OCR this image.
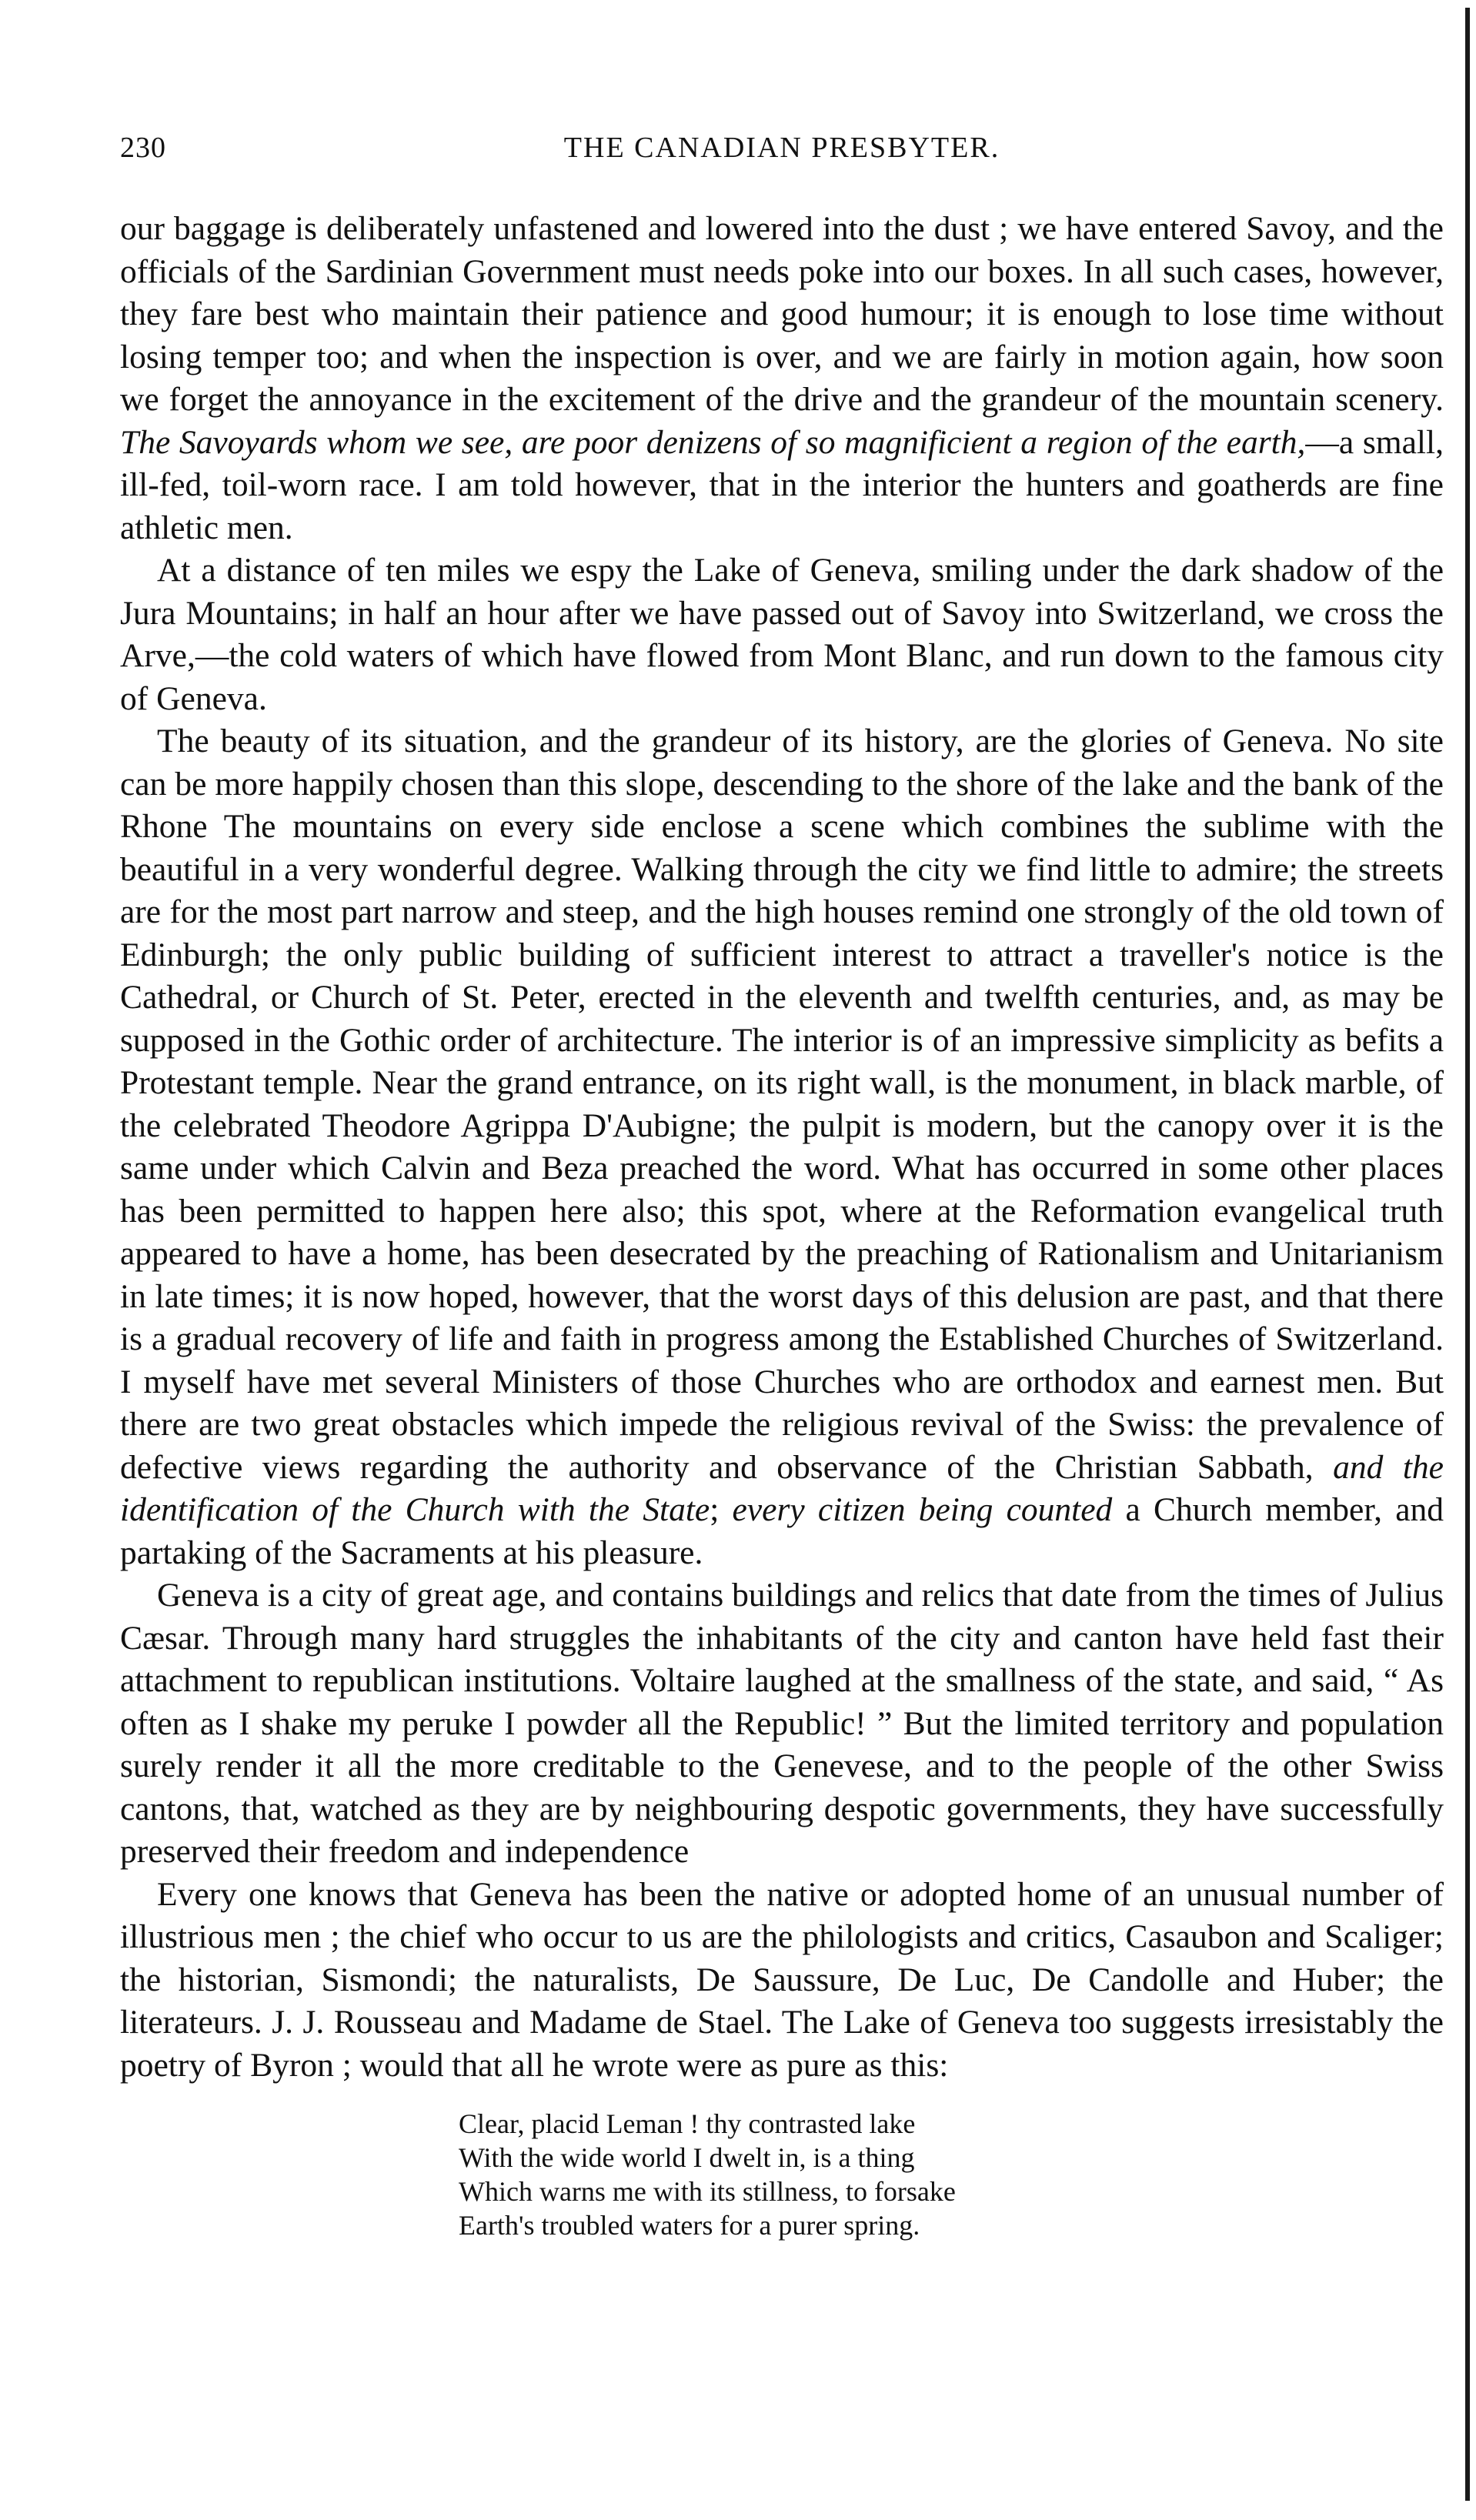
230	THE CANADIAN PRESBYTER.

our baggage is deliberately unfastened and lowered into the dust ; we have entered Savoy, and the officials of the Sardinian Government must needs poke into our boxes. In all such cases, however, they fare best who maintain their patience and good humour; it is enough to lose time without losing temper too; and when the inspection is over, and we are fairly in motion again, how soon we forget the annoyance in the excitement of the drive and the grandeur of the mountain scenery. The Savoyards whom we see, are poor denizens of so magnificient a region of the earth,—a small, ill-fed, toil-worn race. I am told however, that in the interior the hunters and goatherds are fine athletic men.

At a distance of ten miles we espy the Lake of Geneva, smiling under the dark shadow of the Jura Mountains; in half an hour after we have passed out of Savoy into Switzerland, we cross the Arve,—the cold waters of which have flowed from Mont Blanc, and run down to the famous city of Geneva.

The beauty of its situation, and the grandeur of its history, are the glories of Geneva. No site can be more happily chosen than this slope, descending to the shore of the lake and the bank of the Rhone The mountains on every side enclose a scene which combines the sublime with the beautiful in a very wonderful degree. Walking through the city we find little to admire; the streets are for the most part narrow and steep, and the high houses remind one strongly of the old town of Edinburgh; the only public building of sufficient interest to attract a traveller's notice is the Cathedral, or Church of St. Peter, erected in the eleventh and twelfth centuries, and, as may be supposed in the Gothic order of architecture. The interior is of an impressive simplicity as befits a Protestant temple. Near the grand entrance, on its right wall, is the monument, in black marble, of the celebrated Theodore Agrippa D'Aubigne; the pulpit is modern, but the canopy over it is the same under which Calvin and Beza preached the word. What has occurred in some other places has been permitted to happen here also; this spot, where at the Reformation evangelical truth appeared to have a home, has been desecrated by the preaching of Rationalism and Unitarianism in late times; it is now hoped, however, that the worst days of this delusion are past, and that there is a gradual recovery of life and faith in progress among the Established Churches of Switzerland. I myself have met several Ministers of those Churches who are orthodox and earnest men. But there are two great obstacles which impede the religious revival of the Swiss: the prevalence of defective views regarding the authority and observance of the Christian Sabbath, and the identification of the Church with the State; every citizen being counted a Church member, and partaking of the Sacraments at his pleasure.

Geneva is a city of great age, and contains buildings and relics that date from the times of Julius Cæsar. Through many hard struggles the inhabitants of the city and canton have held fast their attachment to republican institutions. Voltaire laughed at the smallness of the state, and said, “ As often as I shake my peruke I powder all the Republic! ” But the limited territory and population surely render it all the more creditable to the Genevese, and to the people of the other Swiss cantons, that, watched as they are by neighbouring despotic governments, they have successfully preserved their freedom and independence

Every one knows that Geneva has been the native or adopted home of an unusual number of illustrious men ; the chief who occur to us are the philologists and critics, Casaubon and Scaliger; the historian, Sismondi; the naturalists, De Saussure, De Luc, De Candolle and Huber; the literateurs. J. J. Rousseau and Madame de Stael. The Lake of Geneva too suggests irresistably the poetry of Byron ; would that all he wrote were as pure as this:

Clear, placid Leman ! thy contrasted lake
With the wide world I dwelt in, is a thing
Which warns me with its stillness, to forsake
Earth's troubled waters for a purer spring.
